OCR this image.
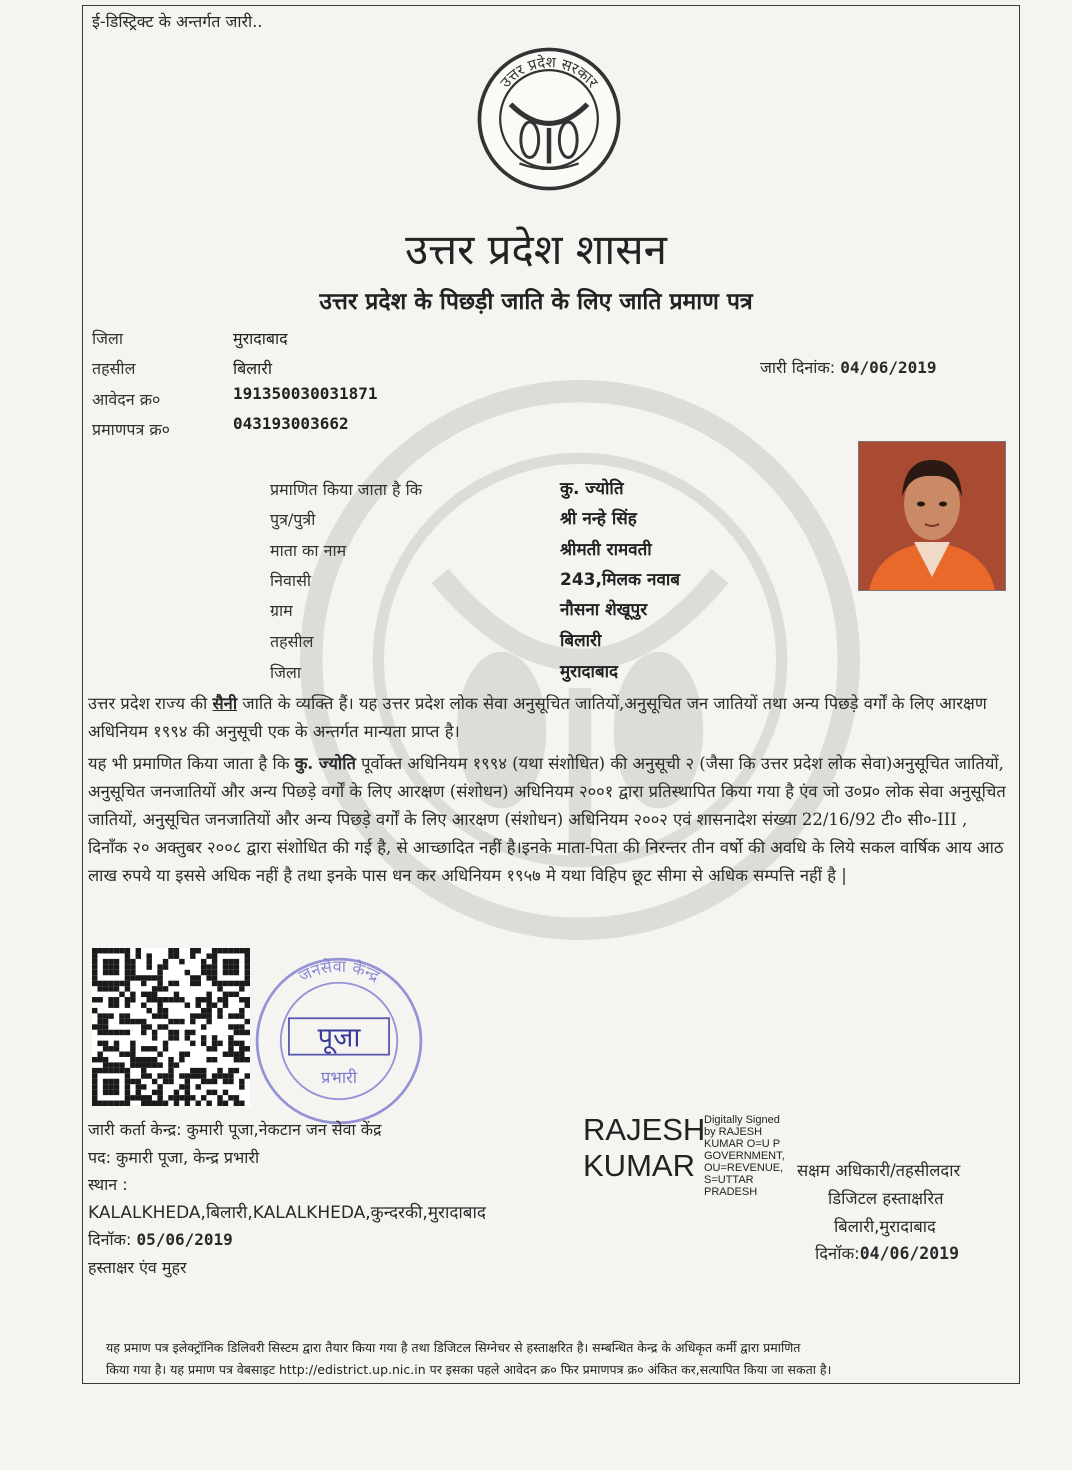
ई-डिस्ट्रिक्ट के अन्तर्गत जारी..
उत्तर प्रदेश सरकार
उत्तर प्रदेश शासन
उत्तर प्रदेश के पिछड़ी जाति के लिए जाति प्रमाण पत्र
जिला	मुरादाबाद
तहसील	बिलारी
आवेदन क्र०	191350030031871
प्रमाणपत्र क्र०	043193003662
जारी दिनांक: 04/06/2019
प्रमाणित किया जाता है कि	कु. ज्योति
पुत्र/पुत्री	श्री नन्हे सिंह
माता का नाम	श्रीमती रामवती
निवासी	243,मिलक नवाब
ग्राम	नौसना शेखूपुर
तहसील	बिलारी
जिला	मुरादाबाद
उत्तर प्रदेश राज्य की सैनी जाति के व्यक्ति हैं। यह उत्तर प्रदेश लोक सेवा अनुसूचित जातियों,अनुसूचित जन जातियों तथा अन्य पिछड़े वर्गों के लिए आरक्षण अधिनियम १९९४ की अनुसूची एक के अन्तर्गत मान्यता प्राप्त है।
यह भी प्रमाणित किया जाता है कि कु. ज्योति पूर्वोक्त अधिनियम १९९४ (यथा संशोधित) की अनुसूची २ (जैसा कि उत्तर प्रदेश लोक सेवा)अनुसूचित जातियों, अनुसूचित जनजातियों और अन्य पिछड़े वर्गों के लिए आरक्षण (संशोधन) अधिनियम २००१ द्वारा प्रतिस्थापित किया गया है एंव जो उ०प्र० लोक सेवा अनुसूचित जातियों, अनुसूचित जनजातियों और अन्य पिछड़े वर्गों के लिए आरक्षण (संशोधन) अधिनियम २००२ एवं शासनादेश संख्या 22/16/92 टी० सी०-III , दिनाँक २० अक्तुबर २००८ द्वारा संशोधित की गई है, से आच्छादित नहीं है।इनके माता-पिता की निरन्तर तीन वर्षो की अवधि के लिये सकल वार्षिक आय आठ लाख रुपये या इससे अधिक नहीं है तथा इनके पास धन कर अधिनियम १९५७ मे यथा विहिप छूट सीमा से अधिक सम्पत्ति नहीं है |
जनसेवा केन्द्र
पूजा
प्रभारी
जारी कर्ता केन्द्र: कुमारी पूजा,नेकटान जन सेवा केंद्र
पद: कुमारी पूजा, केन्द्र प्रभारी
स्थान :
KALALKHEDA,बिलारी,KALALKHEDA,कुन्दरकी,मुरादाबाद
दिनॉक: 05/06/2019
हस्ताक्षर एंव मुहर
RAJESH
KUMAR
Digitally Signed
by RAJESH
KUMAR O=U P
GOVERNMENT,
OU=REVENUE,
S=UTTAR
PRADESH
सक्षम अधिकारी/तहसीलदार
डिजिटल हस्ताक्षरित
बिलारी,मुरादाबाद
दिनॉक:04/06/2019
यह प्रमाण पत्र इलेक्ट्रॉनिक डिलिवरी सिस्टम द्वारा तैयार किया गया है तथा डिजिटल सिग्नेचर से हस्ताक्षरित है। सम्बन्धित केन्द्र के अधिकृत कर्मी द्वारा प्रमाणित
किया गया है। यह प्रमाण पत्र वेबसाइट http://edistrict.up.nic.in पर इसका पहले आवेदन क्र० फिर प्रमाणपत्र क्र० अंकित कर,सत्यापित किया जा सकता है।
